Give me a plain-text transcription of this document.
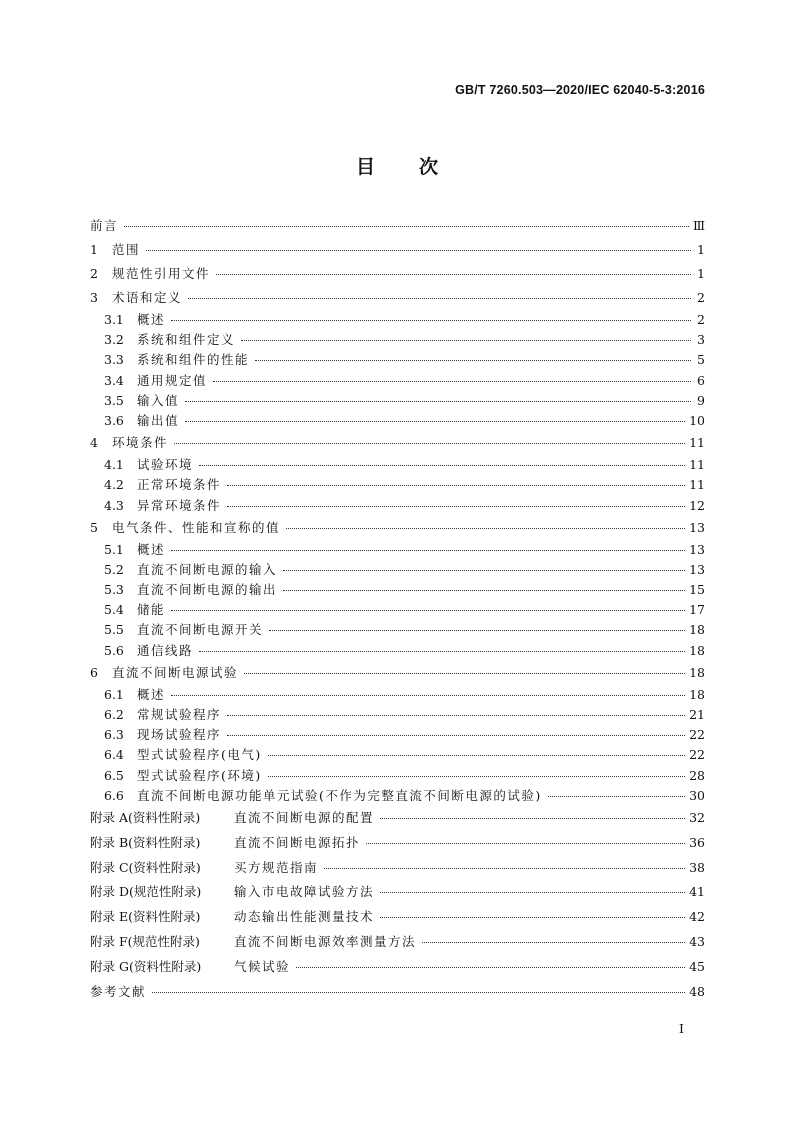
GB/T 7260.503—2020/IEC 62040-5-3:2016
目次
前言	Ⅲ
1	范围	1
2	规范性引用文件	1
3	术语和定义	2
3.1	概述	2
3.2	系统和组件定义	3
3.3	系统和组件的性能	5
3.4	通用规定值	6
3.5	输入值	9
3.6	输出值	10
4	环境条件	11
4.1	试验环境	11
4.2	正常环境条件	11
4.3	异常环境条件	12
5	电气条件、性能和宣称的值	13
5.1	概述	13
5.2	直流不间断电源的输入	13
5.3	直流不间断电源的输出	15
5.4	储能	17
5.5	直流不间断电源开关	18
5.6	通信线路	18
6	直流不间断电源试验	18
6.1	概述	18
6.2	常规试验程序	21
6.3	现场试验程序	22
6.4	型式试验程序(电气)	22
6.5	型式试验程序(环境)	28
6.6	直流不间断电源功能单元试验(不作为完整直流不间断电源的试验)	30
附录 A(资料性附录)	直流不间断电源的配置	32
附录 B(资料性附录)	直流不间断电源拓扑	36
附录 C(资料性附录)	买方规范指南	38
附录 D(规范性附录)	输入市电故障试验方法	41
附录 E(资料性附录)	动态输出性能测量技术	42
附录 F(规范性附录)	直流不间断电源效率测量方法	43
附录 G(资料性附录)	气候试验	45
参考文献	48
I
